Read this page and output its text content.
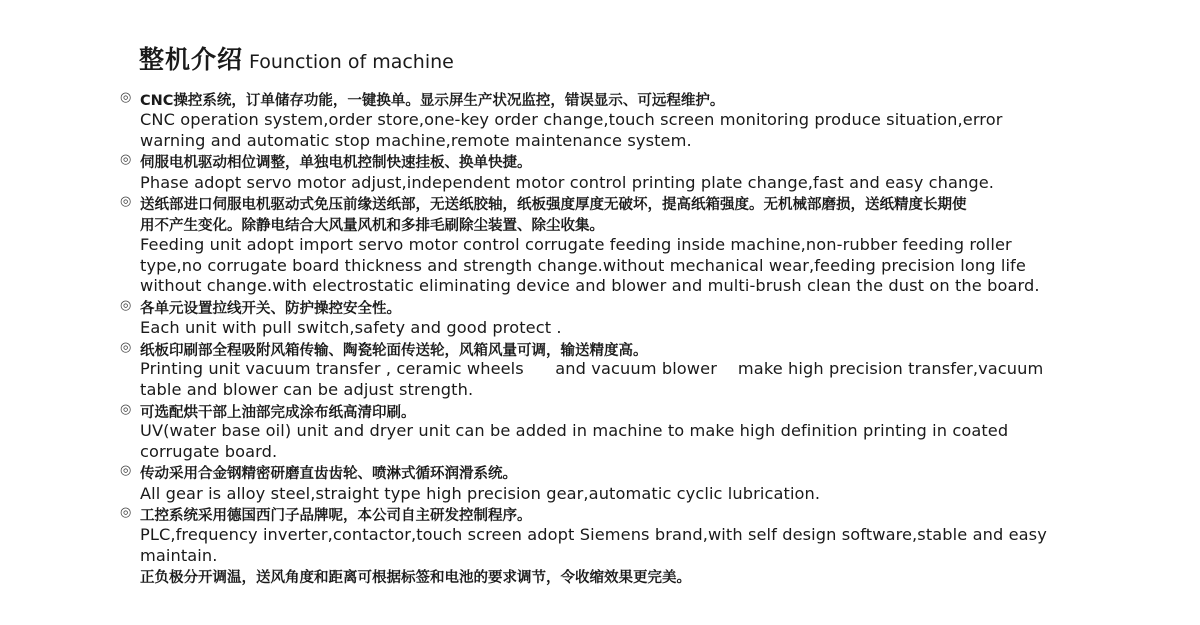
整机介绍 Founction of machine
◎ CNC操控系统，订单储存功能，一键换单。显示屏生产状况监控，错误显示、可远程维护。
CNC operation system,order store,one-key order change,touch screen monitoring produce situation,error
warning and automatic stop machine,remote maintenance system.
◎ 伺服电机驱动相位调整，单独电机控制快速挂板、换单快捷。
Phase adopt servo motor adjust,independent motor control printing plate change,fast and easy change.
◎ 送纸部进口伺服电机驱动式免压前缘送纸部，无送纸胶轴，纸板强度厚度无破坏，提高纸箱强度。无机械部磨损，送纸精度长期使
用不产生变化。除静电结合大风量风机和多排毛刷除尘装置、除尘收集。
Feeding unit adopt import servo motor control corrugate feeding inside machine,non-rubber feeding roller
type,no corrugate board thickness and strength change.without mechanical wear,feeding precision long life
without change.with electrostatic eliminating device and blower and multi-brush clean the dust on the board.
◎ 各单元设置拉线开关、防护操控安全性。
Each unit with pull switch,safety and good protect .
◎ 纸板印刷部全程吸附风箱传输、陶瓷轮面传送轮，风箱风量可调，输送精度高。
Printing unit vacuum transfer , ceramic wheels      and vacuum blower    make high precision transfer,vacuum
table and blower can be adjust strength.
◎ 可选配烘干部上油部完成涂布纸高清印刷。
UV(water base oil) unit and dryer unit can be added in machine to make high definition printing in coated
corrugate board.
◎ 传动采用合金钢精密研磨直齿齿轮、喷淋式循环润滑系统。
All gear is alloy steel,straight type high precision gear,automatic cyclic lubrication.
◎ 工控系统采用德国西门子品牌呢，本公司自主研发控制程序。
PLC,frequency inverter,contactor,touch screen adopt Siemens brand,with self design software,stable and easy
maintain.
正负极分开调温，送风角度和距离可根据标签和电池的要求调节，令收缩效果更完美。
